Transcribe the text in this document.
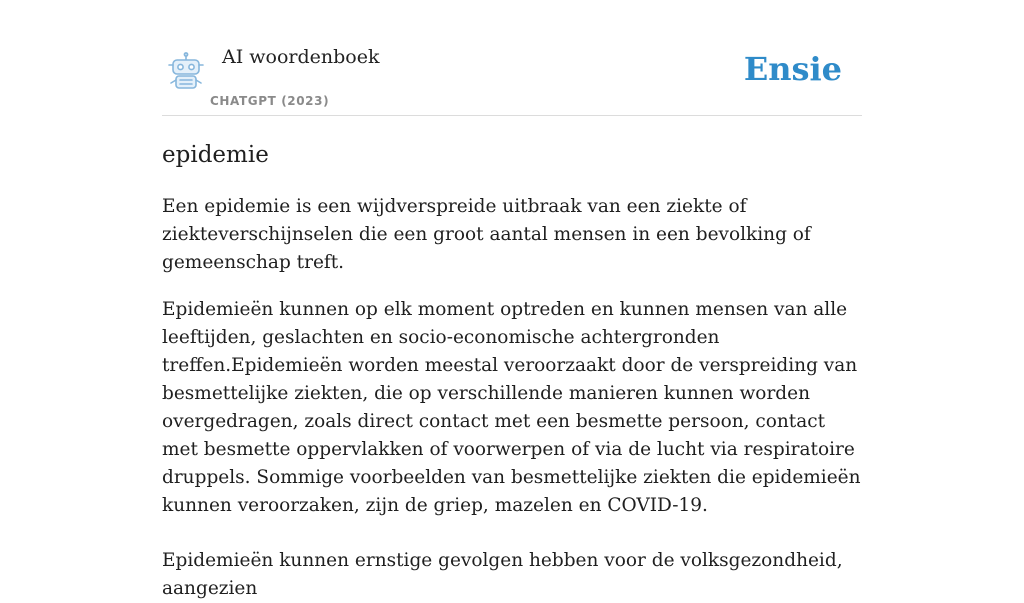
AI woordenboek
CHATGPT (2023)
Ensie
epidemie

Een epidemie is een wijdverspreide uitbraak van een ziekte of ziekteverschijnselen die een groot aantal mensen in een bevolking of gemeenschap treft.

Epidemieën kunnen op elk moment optreden en kunnen mensen van alle leeftijden, geslachten en socio-economische achtergronden treffen.Epidemieën worden meestal veroorzaakt door de verspreiding van besmettelijke ziekten, die op verschillende manieren kunnen worden overgedragen, zoals direct contact met een besmette persoon, contact met besmette oppervlakken of voorwerpen of via de lucht via respiratoire druppels. Sommige voorbeelden van besmettelijke ziekten die epidemieën kunnen veroorzaken, zijn de griep, mazelen en COVID-19.

Epidemieën kunnen ernstige gevolgen hebben voor de volksgezondheid, aangezien
